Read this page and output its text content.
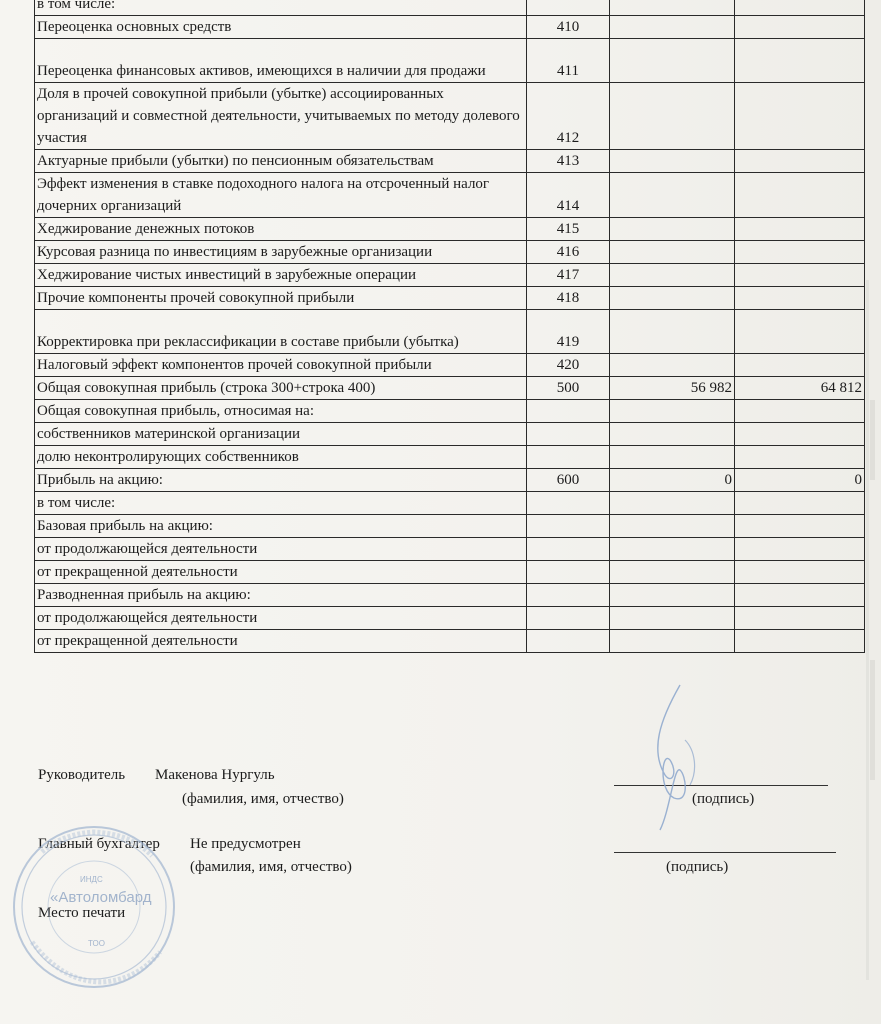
в том числе:			
Переоценка основных средств	410		
Переоценка финансовых активов, имеющихся в наличии для продажи	411		
Доля в прочей совокупной прибыли (убытке) ассоциированных организаций и совместной деятельности, учитываемых по методу долевого участия	412		
Актуарные прибыли (убытки) по пенсионным обязательствам	413		
Эффект изменения в ставке подоходного налога на отсроченный налог дочерних организаций	414		
Хеджирование денежных потоков	415		
Курсовая разница по инвестициям в зарубежные организации	416		
Хеджирование чистых инвестиций в зарубежные операции	417		
Прочие компоненты прочей совокупной прибыли	418		
Корректировка при реклассификации в составе прибыли (убытка)	419		
Налоговый эффект компонентов прочей совокупной прибыли	420		
Общая совокупная прибыль (строка 300+строка 400)	500	56 982	64 812
Общая совокупная прибыль, относимая на:			
собственников материнской организации			
долю неконтролирующих собственников			
Прибыль на акцию:	600	0	0
в том числе:			
Базовая прибыль на акцию:			
от продолжающейся деятельности			
от прекращенной деятельности			
Разводненная прибыль на акцию:			
от продолжающейся деятельности			
от прекращенной деятельности			
Руководитель Макенова Нургуль
(фамилия, имя, отчество)	(подпись)
Главный бухгалтер Не предусмотрен
(фамилия, имя, отчество)	(подпись)
Место печати
ИНДС
«Автоломбард
ТОО
